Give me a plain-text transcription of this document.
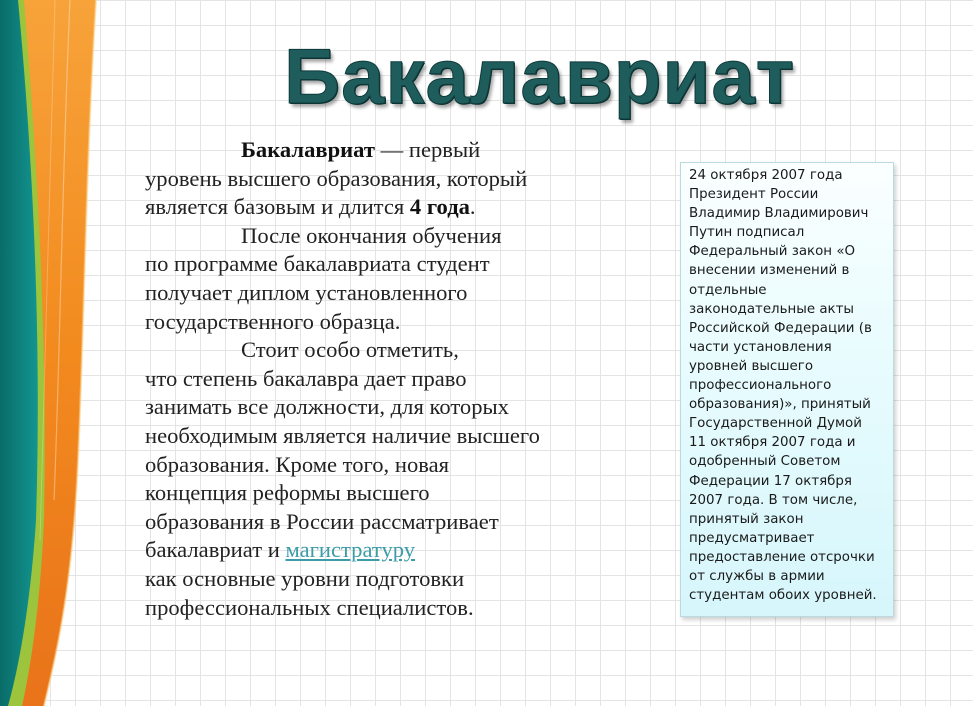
Бакалавриат
Бакалавриат — первый
уровень высшего образования, который
является базовым и длится 4 года.
После окончания обучения
по программе бакалавриата студент
получает диплом установленного
государственного образца.
Стоит особо отметить,
что степень бакалавра дает право
занимать все должности, для которых
необходимым является наличие высшего
образования. Кроме того, новая
концепция реформы высшего
образования в России рассматривает
бакалавриат и магистратуру
как основные уровни подготовки
профессиональных специалистов.
24 октября 2007 года
Президент России
Владимир Владимирович
Путин подписал
Федеральный закон «О
внесении изменений в
отдельные
законодательные акты
Российской Федерации (в
части установления
уровней высшего
профессионального
образования)», принятый
Государственной Думой
11 октября 2007 года и
одобренный Советом
Федерации 17 октября
2007 года. В том числе,
принятый закон
предусматривает
предоставление отсрочки
от службы в армии
студентам обоих уровней.
